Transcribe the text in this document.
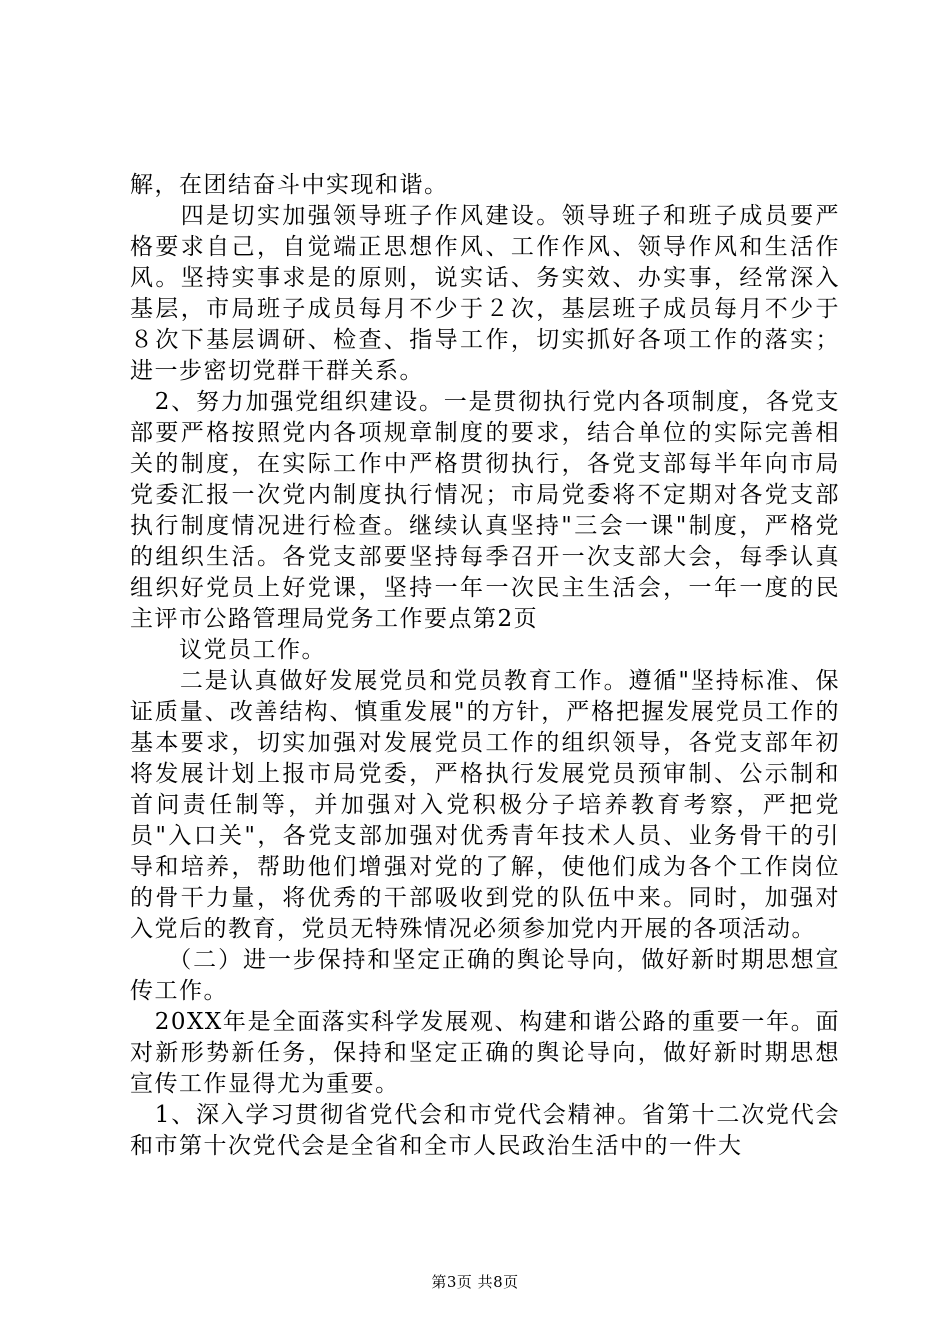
解，在团结奋斗中实现和谐。

　　四是切实加强领导班子作风建设。领导班子和班子成员要严格要求自己，自觉端正思想作风、工作作风、领导作风和生活作风。坚持实事求是的原则，说实话、务实效、办实事，经常深入基层，市局班子成员每月不少于２次，基层班子成员每月不少于８次下基层调研、检查、指导工作，切实抓好各项工作的落实；进一步密切党群干群关系。

　2、努力加强党组织建设。一是贯彻执行党内各项制度，各党支部要严格按照党内各项规章制度的要求，结合单位的实际完善相关的制度，在实际工作中严格贯彻执行，各党支部每半年向市局党委汇报一次党内制度执行情况；市局党委将不定期对各党支部执行制度情况进行检查。继续认真坚持"三会一课"制度，严格党的组织生活。各党支部要坚持每季召开一次支部大会，每季认真组织好党员上好党课，坚持一年一次民主生活会，一年一度的民主评市公路管理局党务工作要点第2页

　　议党员工作。

　　二是认真做好发展党员和党员教育工作。遵循"坚持标准、保证质量、改善结构、慎重发展"的方针，严格把握发展党员工作的基本要求，切实加强对发展党员工作的组织领导，各党支部年初将发展计划上报市局党委，严格执行发展党员预审制、公示制和首问责任制等，并加强对入党积极分子培养教育考察，严把党员"入口关"，各党支部加强对优秀青年技术人员、业务骨干的引导和培养，帮助他们增强对党的了解，使他们成为各个工作岗位的骨干力量，将优秀的干部吸收到党的队伍中来。同时，加强对入党后的教育，党员无特殊情况必须参加党内开展的各项活动。

　　（二）进一步保持和坚定正确的舆论导向，做好新时期思想宣传工作。

　20XX年是全面落实科学发展观、构建和谐公路的重要一年。面对新形势新任务，保持和坚定正确的舆论导向，做好新时期思想宣传工作显得尤为重要。

　1、深入学习贯彻省党代会和市党代会精神。省第十二次党代会和市第十次党代会是全省和全市人民政治生活中的一件大

第3页 共8页
